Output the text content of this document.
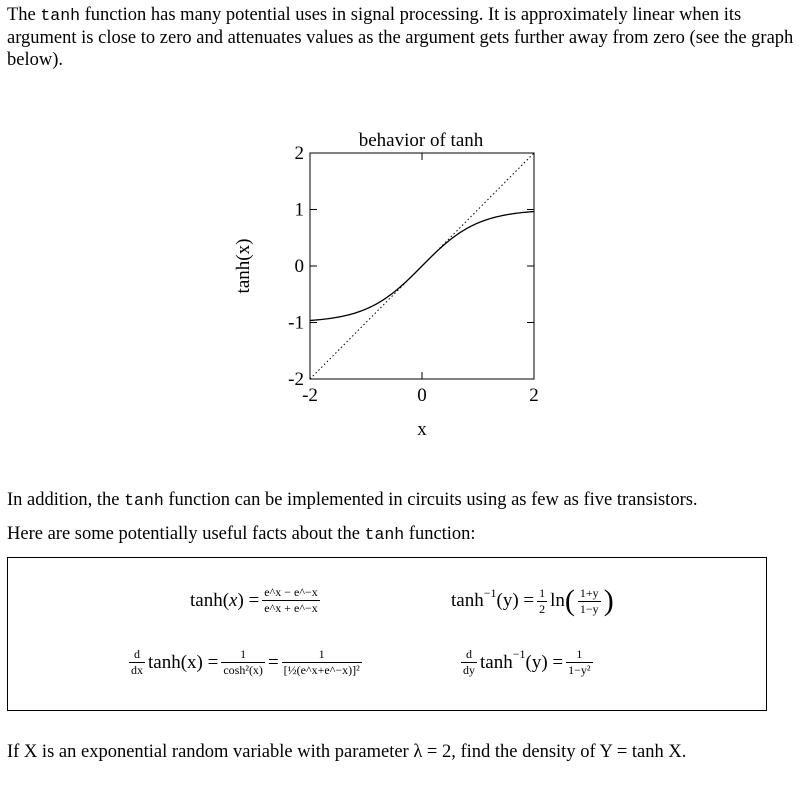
The tanh function has many potential uses in signal processing. It is approximately linear when its argument is close to zero and attenuates values as the argument gets further away from zero (see the graph below).

behavior of tanh
-2
-1
0
1
2
-2	0	2
x
tanh(x)

In addition, the tanh function can be implemented in circuits using as few as five transistors.

Here are some potentially useful facts about the tanh function:

tanh( x ) = $\frac{e\^{}x - e\^{}-x}{e\^{}x + e\^{}-x}$	tanh −1 $(y) = \frac{1}{2}$ ln ( $\frac{1+y}{1-y}$ )
$\frac{d}{dx} \tanh(x) = \frac{1}{\text{cosh²(x)}} = \frac{1}{\text{[½(e\textasciicircum{}x+e\textasciicircum{}−x)]²}}$	$\frac{d}{dy}$ tanh −1 $(y) = \frac{1}{\text{1−y²}}$

If X is an exponential random variable with parameter λ = 2, find the density of Y = tanh X.
